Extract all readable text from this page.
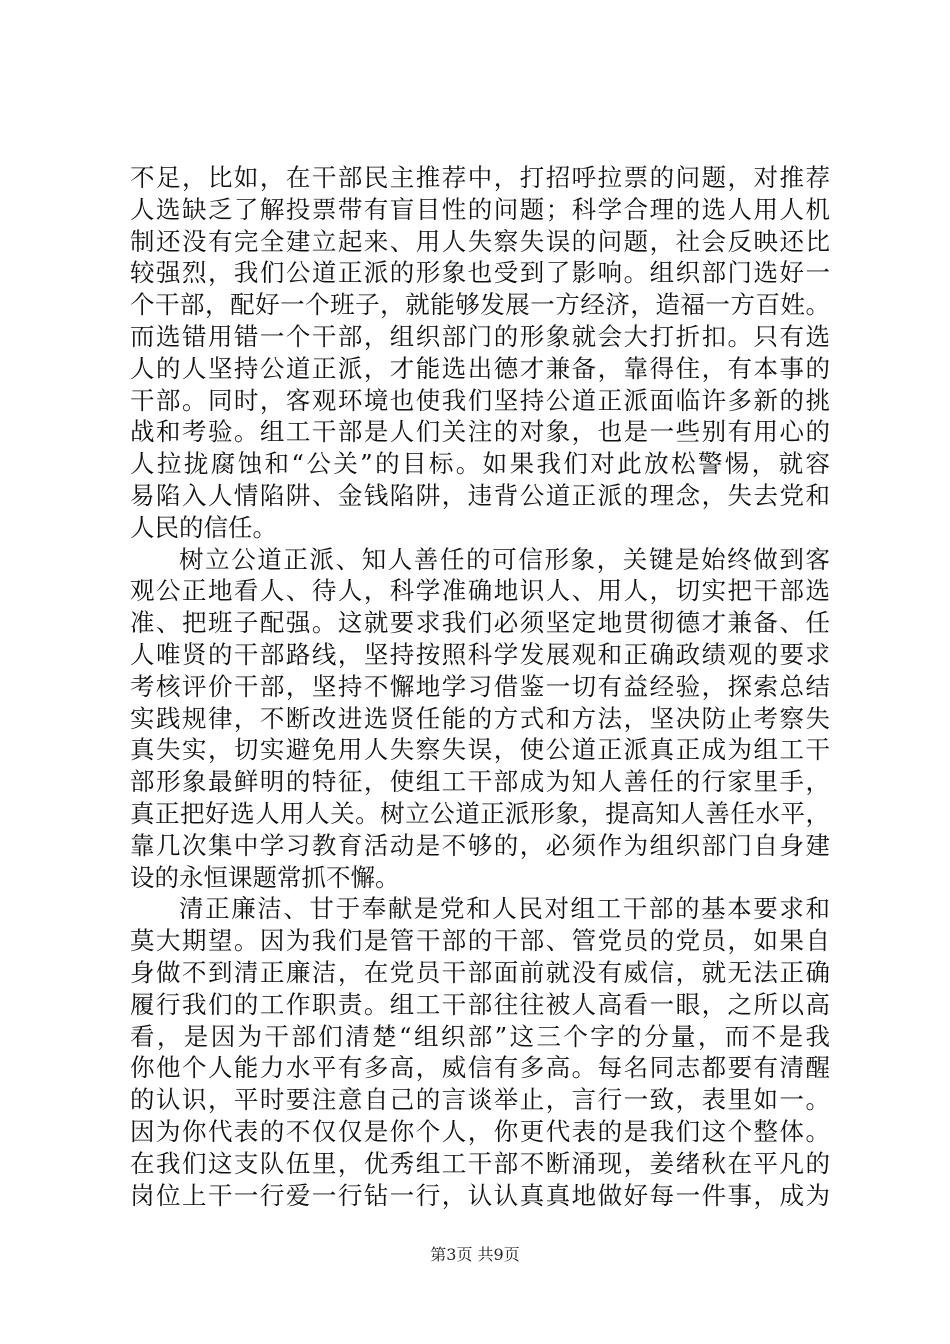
不足，比如，在干部民主推荐中，打招呼拉票的问题，对推荐
人选缺乏了解投票带有盲目性的问题；科学合理的选人用人机
制还没有完全建立起来、用人失察失误的问题，社会反映还比
较强烈，我们公道正派的形象也受到了影响。组织部门选好一
个干部，配好一个班子，就能够发展一方经济，造福一方百姓。
而选错用错一个干部，组织部门的形象就会大打折扣。只有选
人的人坚持公道正派，才能选出德才兼备，靠得住，有本事的
干部。同时，客观环境也使我们坚持公道正派面临许多新的挑
战和考验。组工干部是人们关注的对象，也是一些别有用心的
人拉拢腐蚀和“公关”的目标。如果我们对此放松警惕，就容
易陷入人情陷阱、金钱陷阱，违背公道正派的理念，失去党和
人民的信任。
树立公道正派、知人善任的可信形象，关键是始终做到客
观公正地看人、待人，科学准确地识人、用人，切实把干部选
准、把班子配强。这就要求我们必须坚定地贯彻德才兼备、任
人唯贤的干部路线，坚持按照科学发展观和正确政绩观的要求
考核评价干部，坚持不懈地学习借鉴一切有益经验，探索总结
实践规律，不断改进选贤任能的方式和方法，坚决防止考察失
真失实，切实避免用人失察失误，使公道正派真正成为组工干
部形象最鲜明的特征，使组工干部成为知人善任的行家里手，
真正把好选人用人关。树立公道正派形象，提高知人善任水平，
靠几次集中学习教育活动是不够的，必须作为组织部门自身建
设的永恒课题常抓不懈。
清正廉洁、甘于奉献是党和人民对组工干部的基本要求和
莫大期望。因为我们是管干部的干部、管党员的党员，如果自
身做不到清正廉洁，在党员干部面前就没有威信，就无法正确
履行我们的工作职责。组工干部往往被人高看一眼，之所以高
看，是因为干部们清楚“组织部”这三个字的分量，而不是我
你他个人能力水平有多高，威信有多高。每名同志都要有清醒
的认识，平时要注意自己的言谈举止，言行一致，表里如一。
因为你代表的不仅仅是你个人，你更代表的是我们这个整体。
在我们这支队伍里，优秀组工干部不断涌现，姜绪秋在平凡的
岗位上干一行爱一行钻一行，认认真真地做好每一件事，成为
第3页 共9页
